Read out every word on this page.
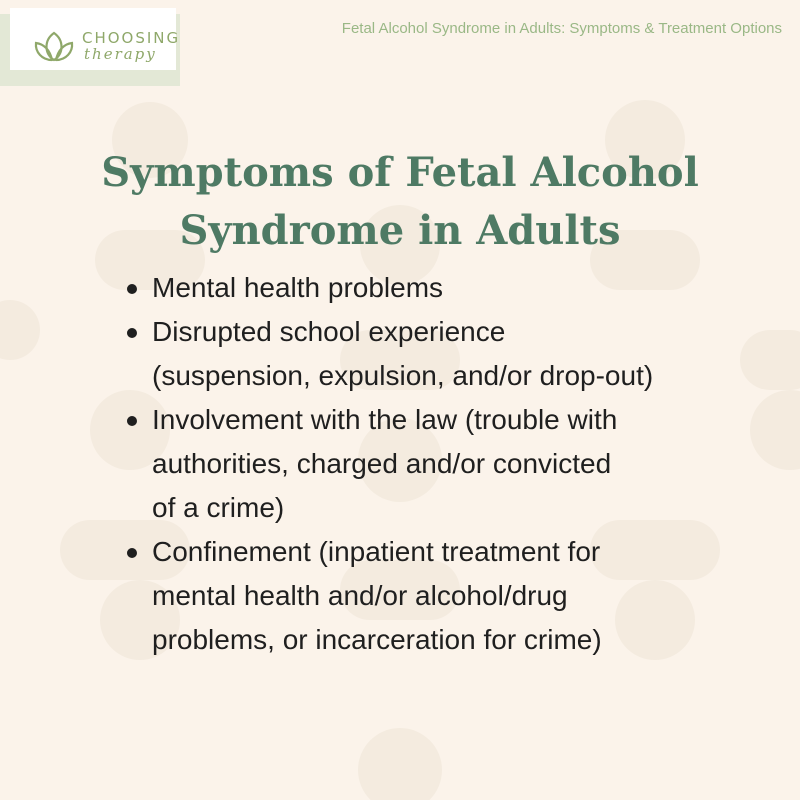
CHOOSING
therapy
Fetal Alcohol Syndrome in Adults: Symptoms & Treatment Options
Symptoms of Fetal Alcohol
Syndrome in Adults
Mental health problems
Disrupted school experience
(suspension, expulsion, and/or drop-out)
Involvement with the law (trouble with
authorities, charged and/or convicted
of a crime)
Confinement (inpatient treatment for
mental health and/or alcohol/drug
problems, or incarceration for crime)
